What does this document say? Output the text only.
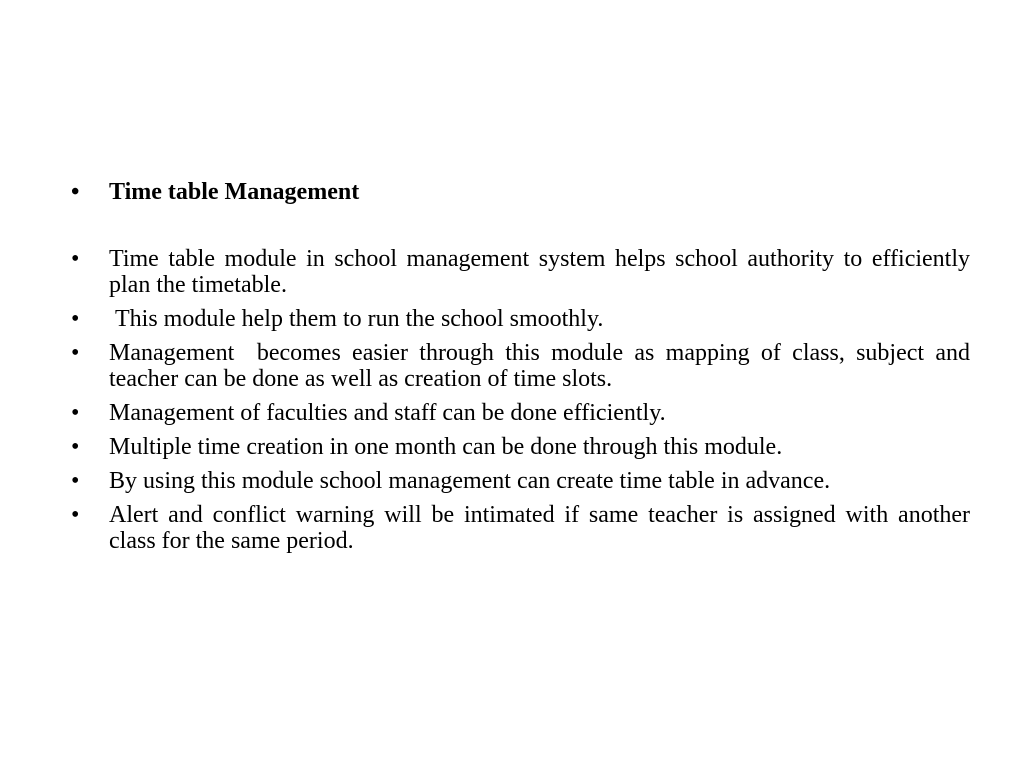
• Time table Management
• Time table module in school management system helps school authority to efficiently plan the timetable.
• This module help them to run the school smoothly.
• Management  becomes easier through this module as mapping of class, subject and teacher can be done as well as creation of time slots.
• Management of faculties and staff can be done efficiently.
• Multiple time creation in one month can be done through this module.
• By using this module school management can create time table in advance.
• Alert and conflict warning will be intimated if same teacher is assigned with another class for the same period.
